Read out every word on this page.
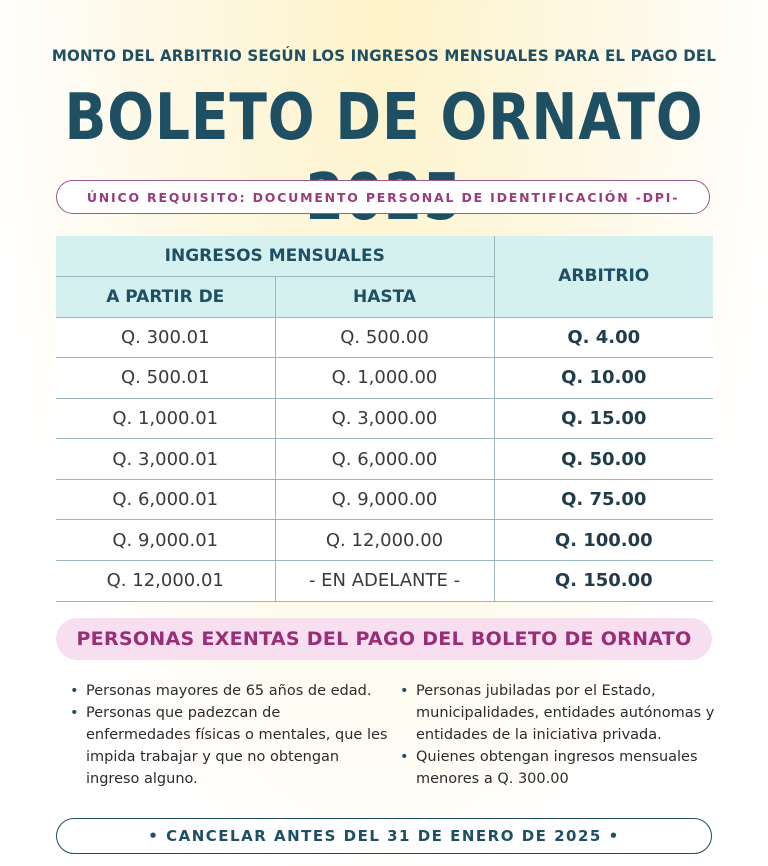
MONTO DEL ARBITRIO SEGÚN LOS INGRESOS MENSUALES PARA EL PAGO DEL
BOLETO DE ORNATO
ÚNICO REQUISITO: DOCUMENTO PERSONAL DE IDENTIFICACIÓN -DPI-
INGRESOS MENSUALES		ARBITRIO
A PARTIR DE	HASTA	
Q. 300.01	Q. 500.00	Q. 4.00
Q. 500.01	Q. 1,000.00	Q. 10.00
Q. 1,000.01	Q. 3,000.00	Q. 15.00
Q. 3,000.01	Q. 6,000.00	Q. 50.00
Q. 6,000.01	Q. 9,000.00	Q. 75.00
Q. 9,000.01	Q. 12,000.00	Q. 100.00
Q. 12,000.01	- EN ADELANTE -	Q. 150.00
PERSONAS EXENTAS DEL PAGO DEL BOLETO DE ORNATO
• Personas mayores de 65 años de edad.
• Personas que padezcan de enfermedades físicas o mentales, que les impida trabajar y que no obtengan ingreso alguno.
• Personas jubiladas por el Estado, municipalidades, entidades autónomas y entidades de la iniciativa privada.
• Quienes obtengan ingresos mensuales menores a Q. 300.00
• CANCELAR ANTES DEL 31 DE ENERO DE 2025 •
